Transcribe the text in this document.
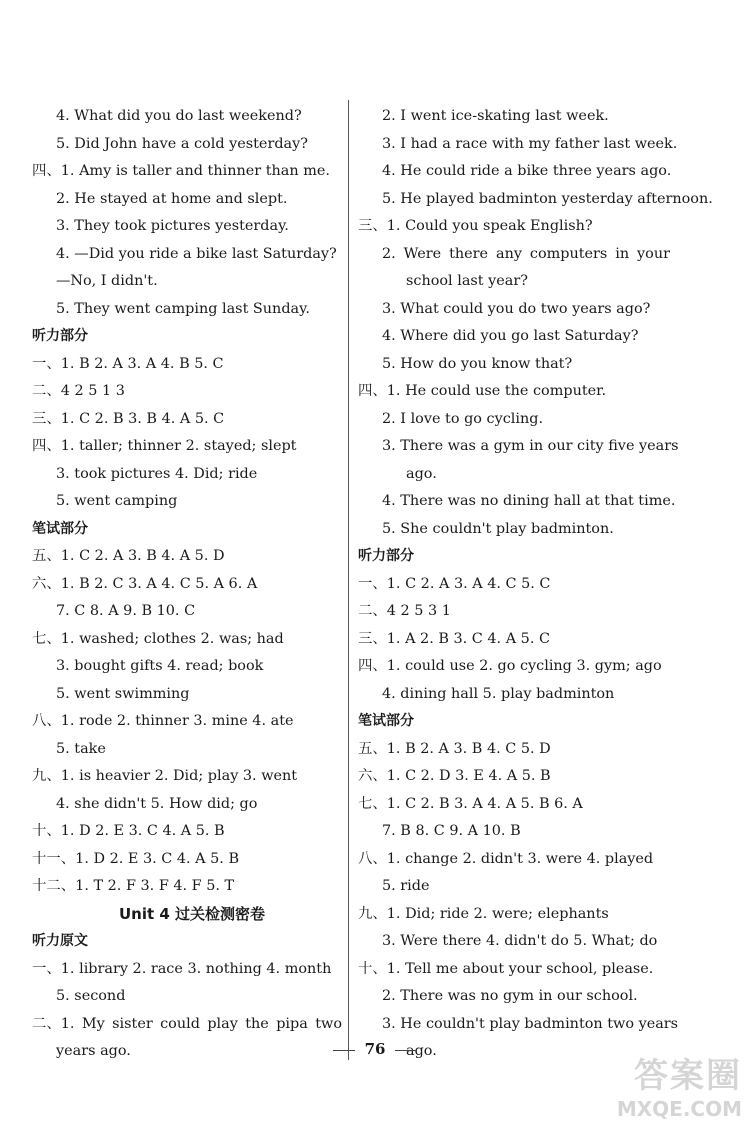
4. What did you do last weekend?
5. Did John have a cold yesterday?
四、1. Amy is taller and thinner than me.
2. He stayed at home and slept.
3. They took pictures yesterday.
4. —Did you ride a bike last Saturday?
—No, I didn't.
5. They went camping last Sunday.
听力部分
一、1. B 2. A 3. A 4. B 5. C
二、4 2 5 1 3
三、1. C 2. B 3. B 4. A 5. C
四、1. taller; thinner 2. stayed; slept
3. took pictures 4. Did; ride
5. went camping
笔试部分
五、1. C 2. A 3. B 4. A 5. D
六、1. B 2. C 3. A 4. C 5. A 6. A
7. C 8. A 9. B 10. C
七、1. washed; clothes 2. was; had
3. bought gifts 4. read; book
5. went swimming
八、1. rode 2. thinner 3. mine 4. ate
5. take
九、1. is heavier 2. Did; play 3. went
4. she didn't 5. How did; go
十、1. D 2. E 3. C 4. A 5. B
十一、1. D 2. E 3. C 4. A 5. B
十二、1. T 2. F 3. F 4. F 5. T
Unit 4 过关检测密卷
听力原文
一、1. library 2. race 3. nothing 4. month
5. second
二、1. My sister could play the pipa two
years ago.
2. I went ice-skating last week.
3. I had a race with my father last week.
4. He could ride a bike three years ago.
5. He played badminton yesterday afternoon.
三、1. Could you speak English?
2. Were there any computers in your
school last year?
3. What could you do two years ago?
4. Where did you go last Saturday?
5. How do you know that?
四、1. He could use the computer.
2. I love to go cycling.
3. There was a gym in our city five years
ago.
4. There was no dining hall at that time.
5. She couldn't play badminton.
听力部分
一、1. C 2. A 3. A 4. C 5. C
二、4 2 5 3 1
三、1. A 2. B 3. C 4. A 5. C
四、1. could use 2. go cycling 3. gym; ago
4. dining hall 5. play badminton
笔试部分
五、1. B 2. A 3. B 4. C 5. D
六、1. C 2. D 3. E 4. A 5. B
七、1. C 2. B 3. A 4. A 5. B 6. A
7. B 8. C 9. A 10. B
八、1. change 2. didn't 3. were 4. played
5. ride
九、1. Did; ride 2. were; elephants
3. Were there 4. didn't do 5. What; do
十、1. Tell me about your school, please.
2. There was no gym in our school.
3. He couldn't play badminton two years
ago.
76
答案圈
MXQE.COM
